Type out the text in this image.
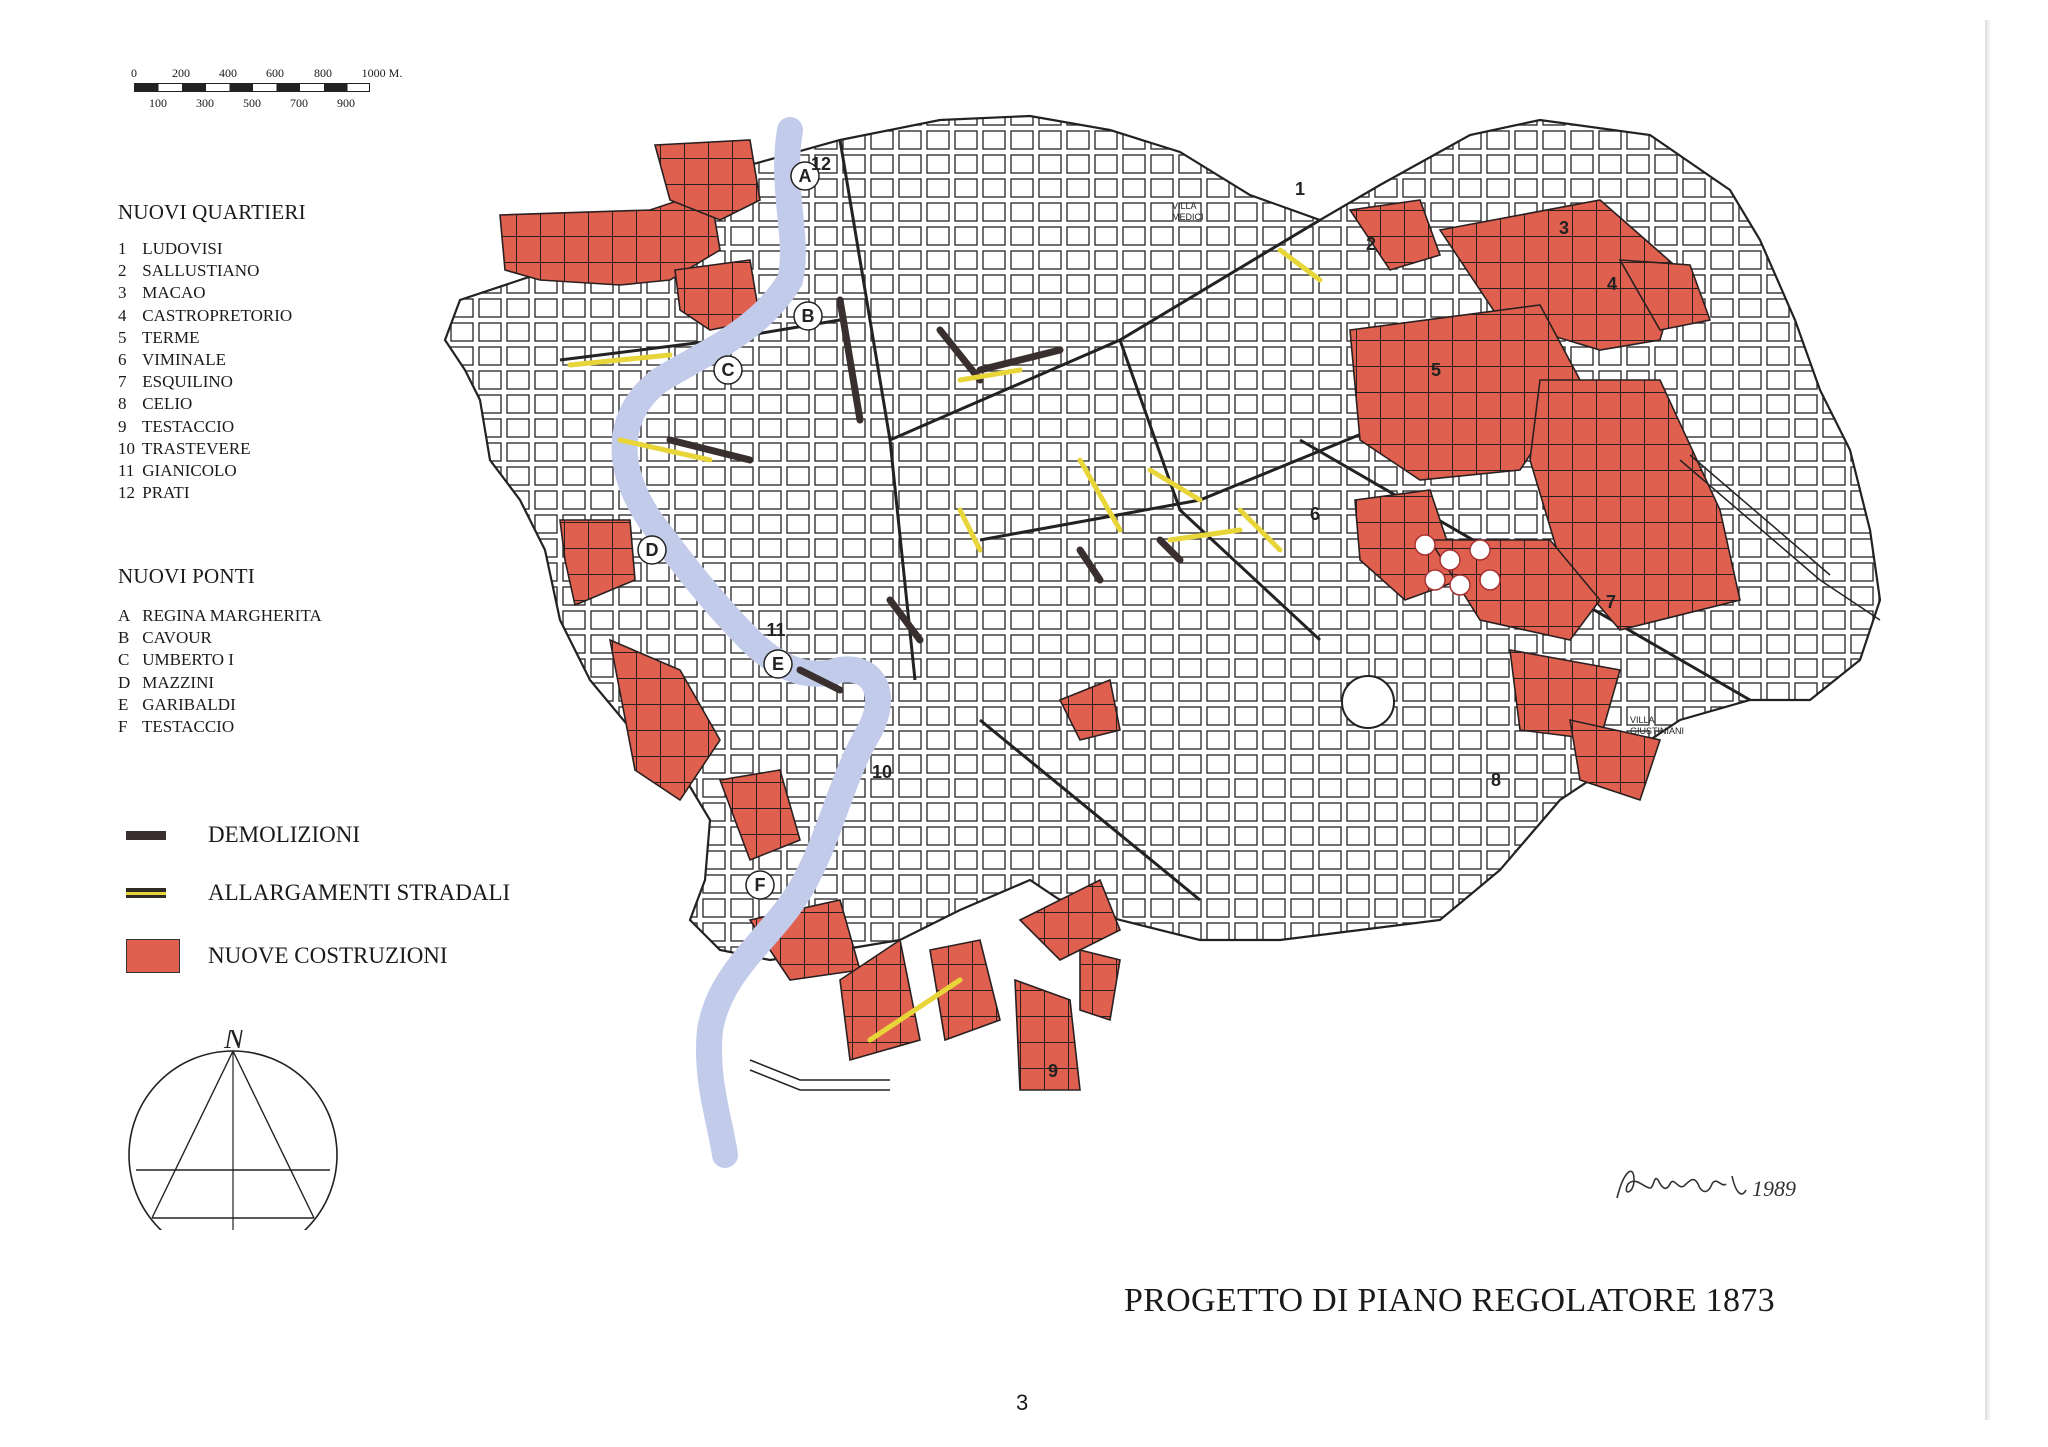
0	200 400 600	800 1000 M.
100 300 500 700 900
NUOVI QUARTIERI
1 LUDOVISI
2 SALLUSTIANO
3 MACAO
4 CASTROPRETORIO
5 TERME
6 VIMINALE
7 ESQUILINO
8 CELIO
9 TESTACCIO
10 TRASTEVERE
11 GIANICOLO
12 PRATI
NUOVI PONTI
A REGINA MARGHERITA
B CAVOUR
C UMBERTO I
D MAZZINI
E GARIBALDI
F TESTACCIO
DEMOLIZIONI
ALLARGAMENTI STRADALI
NUOVE COSTRUZIONI
N
A
B
C
D
E
F
1
2
3
4
5
6
7
8
9
10
11
12
VILLA
MEDICI
VILLA
GIUSTINIANI
PROGETTO DI PIANO REGOLATORE 1873
1989
3
